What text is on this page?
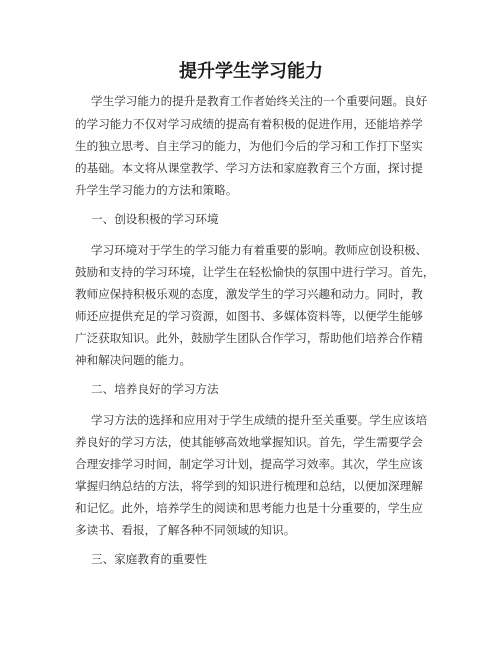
提升学生学习能力
学生学习能力的提升是教育工作者始终关注的一个重要问题。良好
的学习能力不仅对学习成绩的提高有着积极的促进作用，还能培养学
生的独立思考、自主学习的能力，为他们今后的学习和工作打下坚实
的基础。本文将从课堂教学、学习方法和家庭教育三个方面，探讨提
升学生学习能力的方法和策略。
一、创设积极的学习环境
学习环境对于学生的学习能力有着重要的影响。教师应创设积极、
鼓励和支持的学习环境，让学生在轻松愉快的氛围中进行学习。首先，
教师应保持积极乐观的态度，激发学生的学习兴趣和动力。同时，教
师还应提供充足的学习资源，如图书、多媒体资料等，以便学生能够
广泛获取知识。此外，鼓励学生团队合作学习，帮助他们培养合作精
神和解决问题的能力。
二、培养良好的学习方法
学习方法的选择和应用对于学生成绩的提升至关重要。学生应该培
养良好的学习方法，使其能够高效地掌握知识。首先，学生需要学会
合理安排学习时间，制定学习计划，提高学习效率。其次，学生应该
掌握归纳总结的方法，将学到的知识进行梳理和总结，以便加深理解
和记忆。此外，培养学生的阅读和思考能力也是十分重要的，学生应
多读书、看报，了解各种不同领域的知识。
三、家庭教育的重要性
